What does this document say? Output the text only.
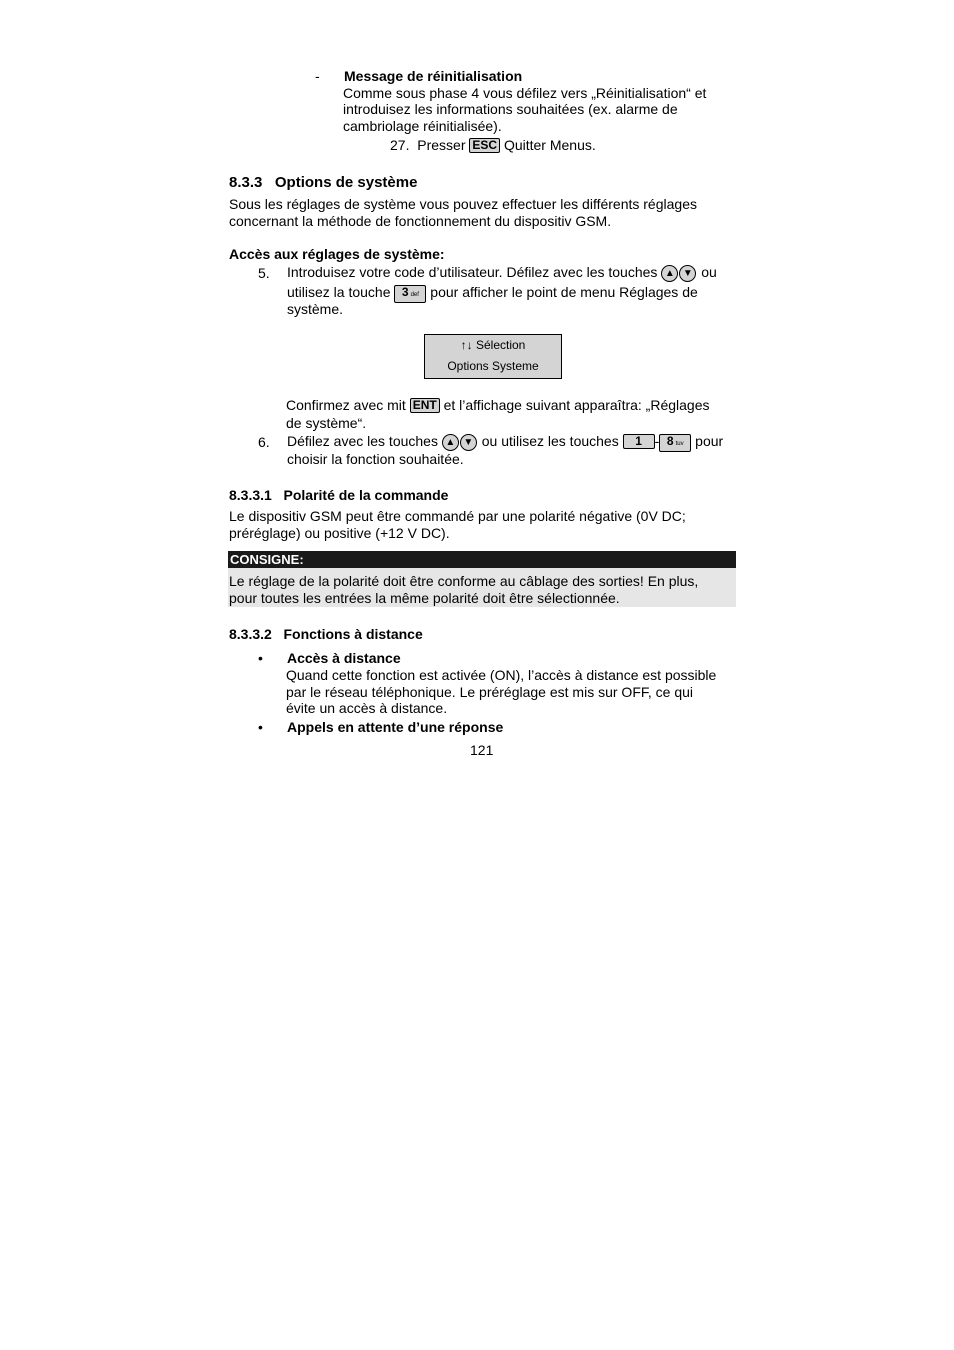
- Message de réinitialisation
Comme sous phase 4 vous défilez vers „Réinitialisation“ et
introduisez les informations souhaitées (ex. alarme de
cambriolage réinitialisée).
27. Presser ESC Quitter Menus.
8.3.3 Options de système
Sous les réglages de système vous pouvez effectuer les différents réglages
concernant la méthode de fonctionnement du dispositiv GSM.
Accès aux réglages de système:
5. Introduisez votre code d’utilisateur. Défilez avec les touches ▲ ▼ ou
utilisez la touche 3 def pour afficher le point de menu Réglages de
système.
↑↓ Sélection
Options Systeme
Confirmez avec mit ENT et l’affichage suivant apparaîtra: „Réglages
de système“.
6. Défilez avec les touches ▲ ▼ ou utilisez les touches 1 - 8 tuv pour
choisir la fonction souhaitée.
8.3.3.1 Polarité de la commande
Le dispositiv GSM peut être commandé par une polarité négative (0V DC;
préréglage) ou positive (+12 V DC).
CONSIGNE:
Le réglage de la polarité doit être conforme au câblage des sorties! En plus,
pour toutes les entrées la même polarité doit être sélectionnée.
8.3.3.2 Fonctions à distance
• Accès à distance
Quand cette fonction est activée (ON), l’accès à distance est possible
par le réseau téléphonique. Le préréglage est mis sur OFF, ce qui
évite un accès à distance.
• Appels en attente d’une réponse
121
